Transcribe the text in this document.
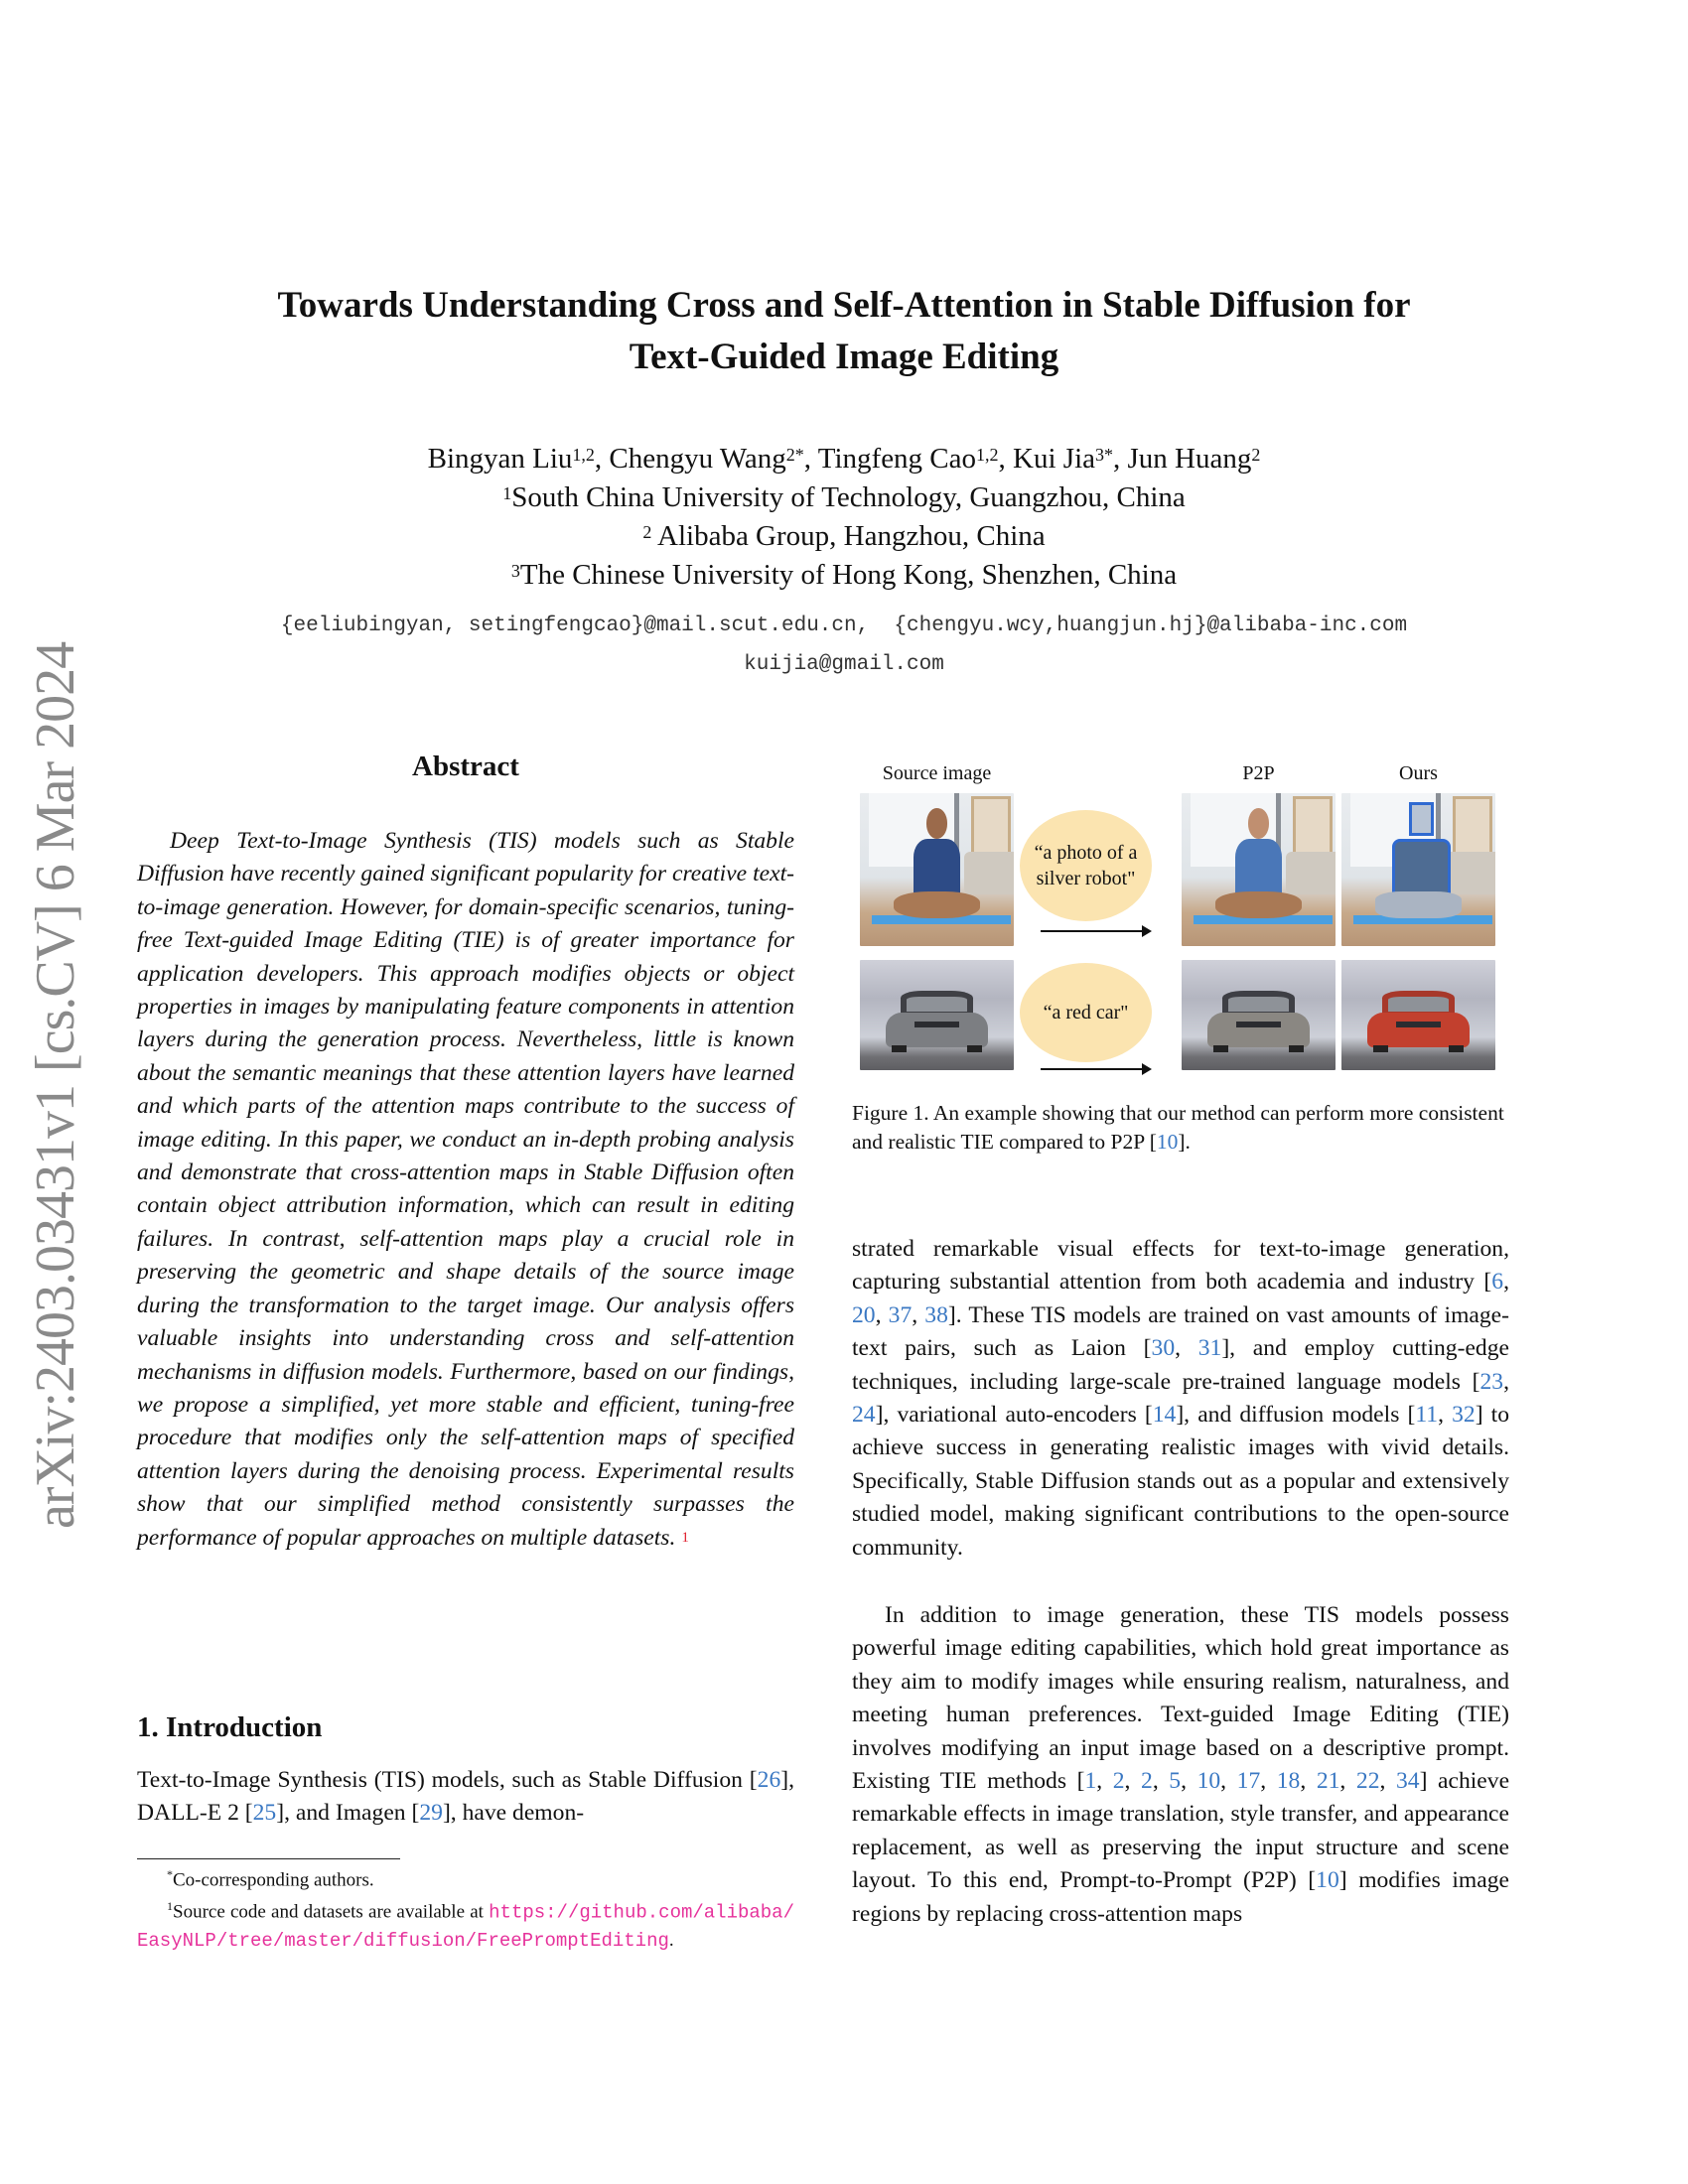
arXiv:2403.03431v1 [cs.CV] 6 Mar 2024
Towards Understanding Cross and Self-Attention in Stable Diffusion for
Text-Guided Image Editing
Bingyan Liu$^{1,2}$, Chengyu Wang$^{2*}$, Tingfeng Cao$^{1,2}$, Kui Jia$^{3*}$, Jun Huang$^2$
$^1$South China University of Technology, Guangzhou, China
$^2$ Alibaba Group, Hangzhou, China
$^3$The Chinese University of Hong Kong, Shenzhen, China
{eeliubingyan, setingfengcao}@mail.scut.edu.cn,  {chengyu.wcy,huangjun.hj}@alibaba-inc.com
kuijia@gmail.com
Abstract
Deep Text-to-Image Synthesis (TIS) models such as Stable Diffusion have recently gained significant popularity for creative text-to-image generation. However, for domain-specific scenarios, tuning-free Text-guided Image Editing (TIE) is of greater importance for application developers. This approach modifies objects or object properties in images by manipulating feature components in attention layers during the generation process. Nevertheless, little is known about the semantic meanings that these attention layers have learned and which parts of the attention maps contribute to the success of image editing. In this paper, we conduct an in-depth probing analysis and demonstrate that cross-attention maps in Stable Diffusion often contain object attribution information, which can result in editing failures. In contrast, self-attention maps play a crucial role in preserving the geometric and shape details of the source image during the transformation to the target image. Our analysis offers valuable insights into understanding cross and self-attention mechanisms in diffusion models. Furthermore, based on our findings, we propose a simplified, yet more stable and efficient, tuning-free procedure that modifies only the self-attention maps of specified attention layers during the denoising process. Experimental results show that our simplified method consistently surpasses the performance of popular approaches on multiple datasets. $^1$
1. Introduction
Text-to-Image Synthesis (TIS) models, such as Stable Diffusion [26], DALL-E 2 [25], and Imagen [29], have demon-
*Co-corresponding authors.
$^1$Source code and datasets are available at https://github.com/alibaba/EasyNLP/tree/master/diffusion/FreePromptEditing.
Source image	P2P	Ours
“a photo of a silver robot"
“a red car"
Figure 1. An example showing that our method can perform more consistent and realistic TIE compared to P2P [10].
strated remarkable visual effects for text-to-image generation, capturing substantial attention from both academia and industry [6, 20, 37, 38]. These TIS models are trained on vast amounts of image-text pairs, such as Laion [30, 31], and employ cutting-edge techniques, including large-scale pre-trained language models [23, 24], variational auto-encoders [14], and diffusion models [11, 32] to achieve success in generating realistic images with vivid details. Specifically, Stable Diffusion stands out as a popular and extensively studied model, making significant contributions to the open-source community.
In addition to image generation, these TIS models possess powerful image editing capabilities, which hold great importance as they aim to modify images while ensuring realism, naturalness, and meeting human preferences. Text-guided Image Editing (TIE) involves modifying an input image based on a descriptive prompt. Existing TIE methods [1, 2, 2, 5, 10, 17, 18, 21, 22, 34] achieve remarkable effects in image translation, style transfer, and appearance replacement, as well as preserving the input structure and scene layout. To this end, Prompt-to-Prompt (P2P) [10] modifies image regions by replacing cross-attention maps
